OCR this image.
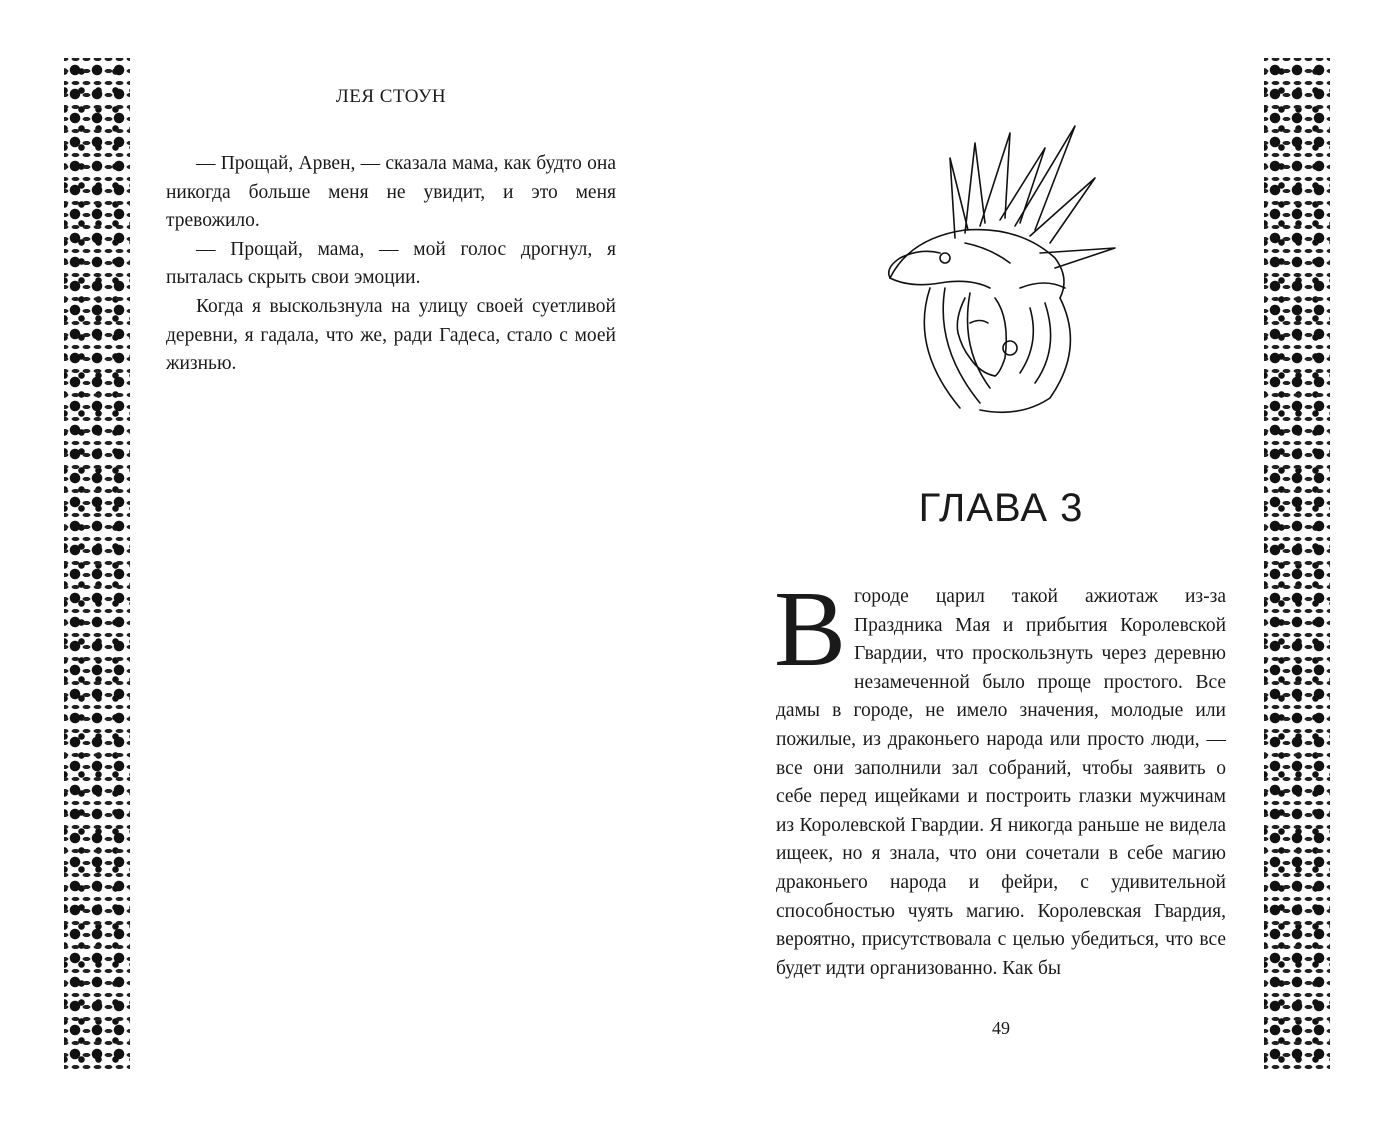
ЛЕЯ СТОУН

— Прощай, Арвен, — сказала мама, как будто она никогда больше меня не увидит, и это меня тревожило.

— Прощай, мама, — мой голос дрогнул, я пыталась скрыть свои эмоции.

Когда я выскользнула на улицу своей суетливой деревни, я гадала, что же, ради Гадеса, стало с моей жизнью.

ГЛАВА 3
В городе царил такой ажиотаж из-за Праздника Мая и прибытия Королевской Гвардии, что проскользнуть через деревню незамеченной было проще простого. Все дамы в городе, не имело значения, молодые или пожилые, из драконьего народа или просто люди, — все они заполнили зал собраний, чтобы заявить о себе перед ищейками и построить глазки мужчинам из Королевской Гвардии. Я никогда раньше не видела ищеек, но я знала, что они сочетали в себе магию драконьего народа и фейри, с удивительной способностью чуять магию. Королевская Гвардия, вероятно, присутствовала с целью убедиться, что все будет идти организованно. Как бы
49
